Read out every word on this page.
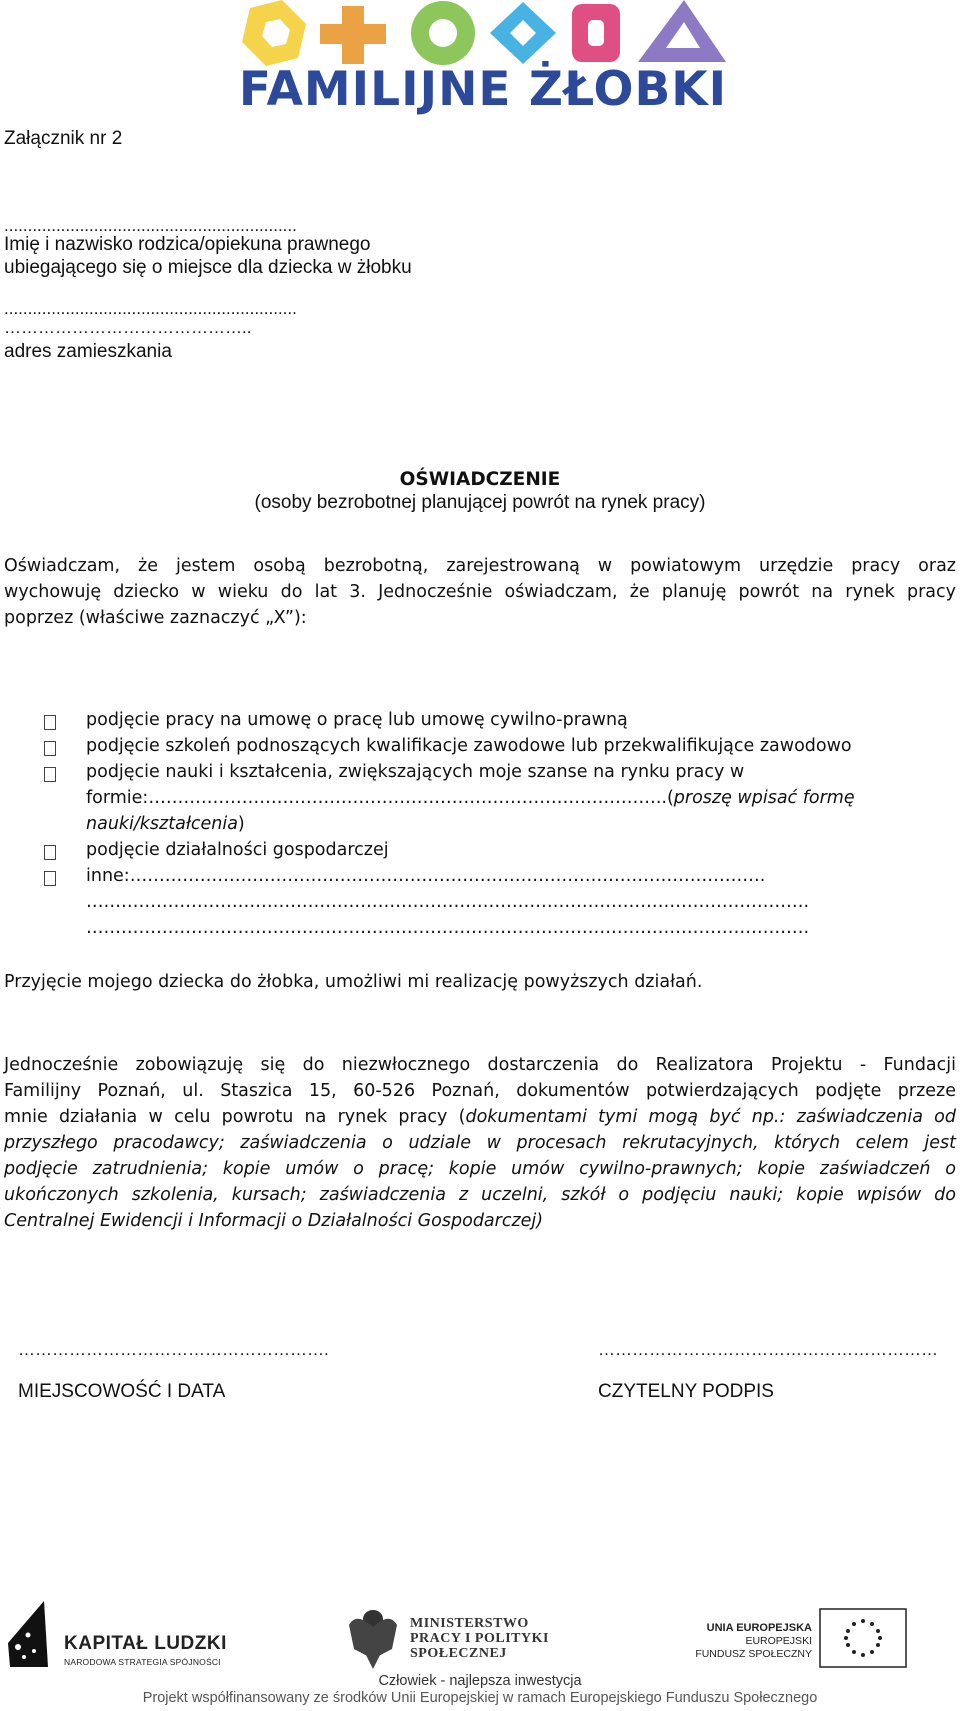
FAMILIJNE ŻŁOBKI
Załącznik nr 2
..............................................................
Imię i nazwisko rodzica/opiekuna prawnego
ubiegającego się o miejsce dla dziecka w żłobku
..............................................................
……………………………………..
adres zamieszkania
OŚWIADCZENIE
(osoby bezrobotnej planującej powrót na rynek pracy)
Oświadczam, że jestem osobą bezrobotną, zarejestrowaną w powiatowym urzędzie pracy oraz
wychowuję dziecko w wieku do lat 3. Jednocześnie oświadczam, że planuję powrót na rynek pracy
poprzez (właściwe zaznaczyć „X”):
podjęcie pracy na umowę o pracę lub umowę cywilno-prawną
podjęcie szkoleń podnoszących kwalifikacje zawodowe lub przekwalifikujące zawodowo
podjęcie nauki i kształcenia, zwiększających moje szanse na rynku pracy w
formie:……………………………………………………………………………..(proszę wpisać formę
nauki/kształcenia)
podjęcie działalności gospodarczej
inne:……………………………………………………………………………………………….
…………………………………………………………………………………………………………….
…………………………………………………………………………………………………………….
Przyjęcie mojego dziecka do żłobka, umożliwi mi realizację powyższych działań.
Jednocześnie zobowiązuję się do niezwłocznego dostarczenia do Realizatora Projektu - Fundacji
Familijny Poznań, ul. Staszica 15, 60-526 Poznań, dokumentów potwierdzających podjęte przeze
mnie działania w celu powrotu na rynek pracy (dokumentami tymi mogą być np.: zaświadczenia od
przyszłego pracodawcy; zaświadczenia o udziale w procesach rekrutacyjnych, których celem jest
podjęcie zatrudnienia; kopie umów o pracę; kopie umów cywilno-prawnych; kopie zaświadczeń o
ukończonych szkolenia, kursach; zaświadczenia z uczelni, szkół o podjęciu nauki; kopie wpisów do
Centralnej Ewidencji i Informacji o Działalności Gospodarczej)
……………………………………………….
MIEJSCOWOŚĆ I DATA
……………………………………………………
CZYTELNY PODPIS
KAPITAŁ LUDZKI
NARODOWA STRATEGIA SPÓJNOŚCI
MINISTERSTWO
PRACY I POLITYKI
SPOŁECZNEJ
UNIA EUROPEJSKA
EUROPEJSKI
FUNDUSZ SPOŁECZNY
Człowiek - najlepsza inwestycja
Projekt współfinansowany ze środków Unii Europejskiej w ramach Europejskiego Funduszu Społecznego
